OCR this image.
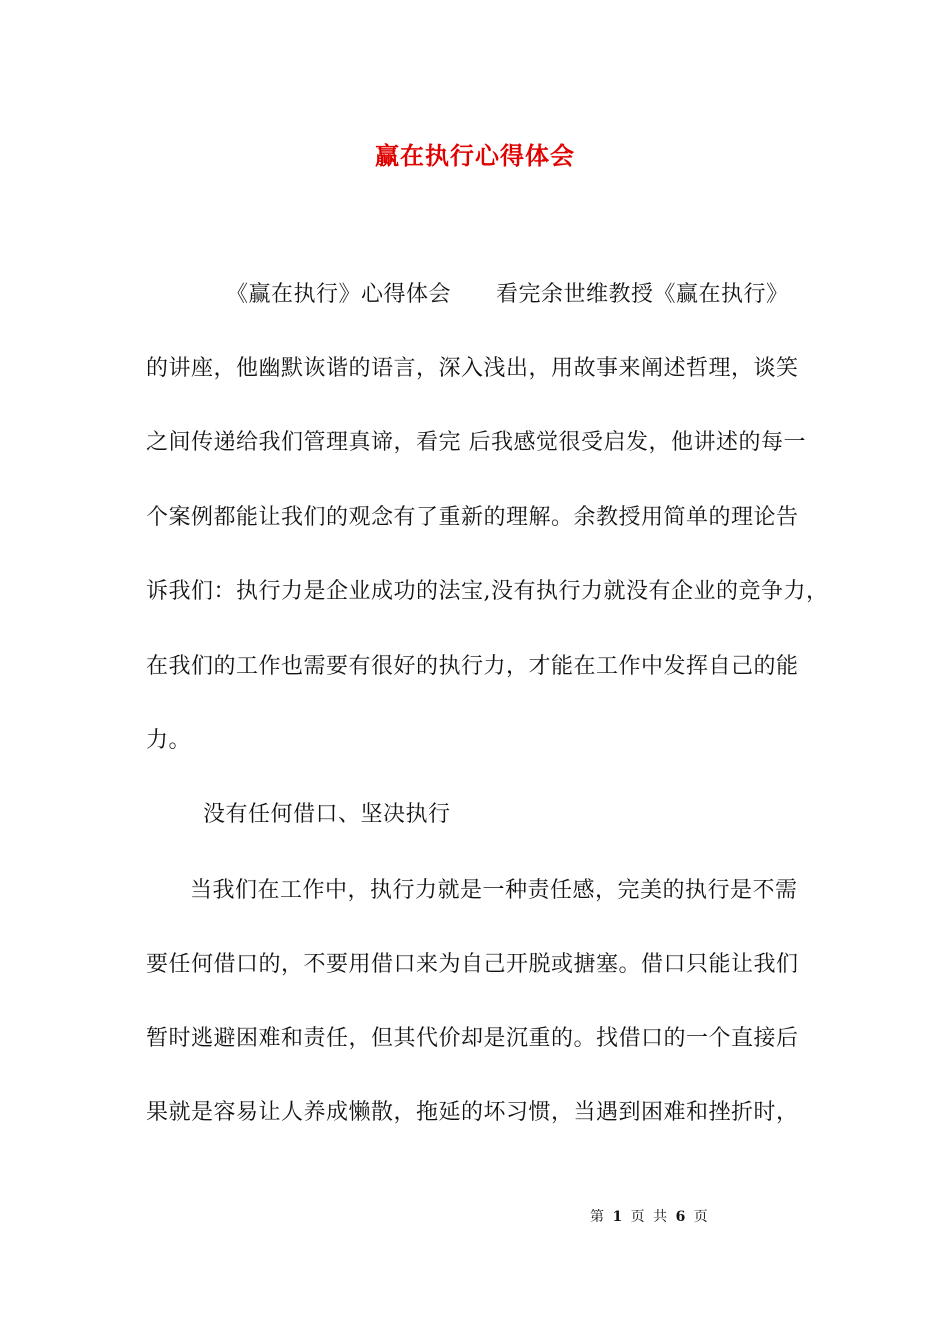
赢在执行心得体会
《赢在执行》心得体会　　看完余世维教授《赢在执行》
的讲座，他幽默诙谐的语言，深入浅出，用故事来阐述哲理，谈笑
之间传递给我们管理真谛，看完 后我感觉很受启发，他讲述的每一
个案例都能让我们的观念有了重新的理解。余教授用简单的理论告
诉我们：执行力是企业成功的法宝,没有执行力就没有企业的竞争力，
在我们的工作也需要有很好的执行力，才能在工作中发挥自己的能
力。
没有任何借口、坚决执行
当我们在工作中，执行力就是一种责任感，完美的执行是不需
要任何借口的，不要用借口来为自己开脱或搪塞。借口只能让我们
暂时逃避困难和责任，但其代价却是沉重的。找借口的一个直接后
果就是容易让人养成懒散，拖延的坏习惯，当遇到困难和挫折时，
第 1 页 共 6 页
